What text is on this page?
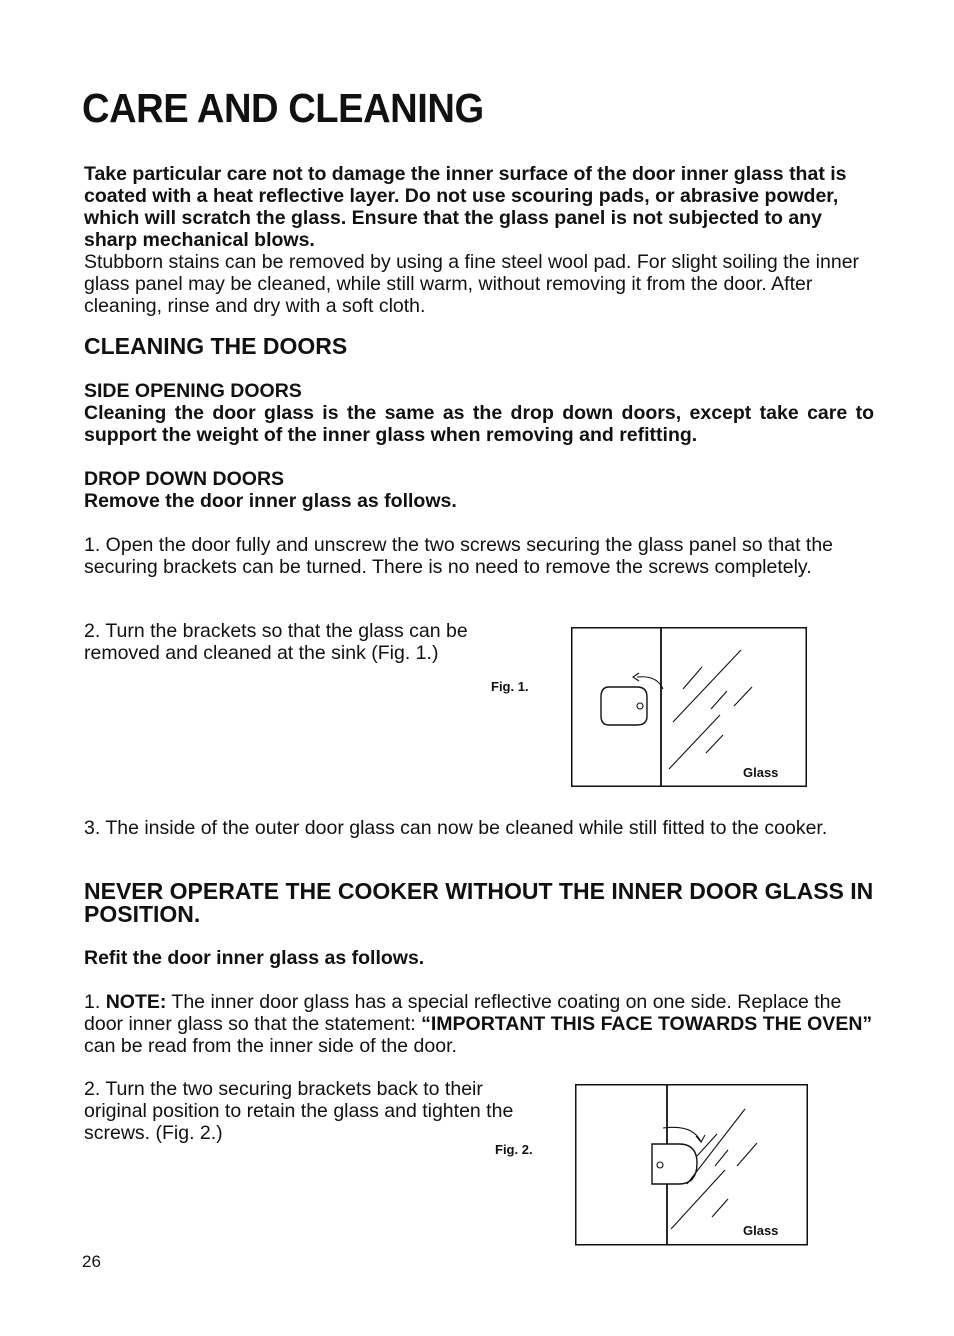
CARE AND CLEANING

Take particular care not to damage the inner surface of the door inner glass that is coated with a heat reflective layer. Do not use scouring pads, or abrasive powder, which will scratch the glass. Ensure that the glass panel is not subjected to any sharp mechanical blows.

Stubborn stains can be removed by using a fine steel wool pad. For slight soiling the inner glass panel may be cleaned, while still warm, without removing it from the door. After cleaning, rinse and dry with a soft cloth.

CLEANING THE DOORS

SIDE OPENING DOORS

Cleaning the door glass is the same as the drop down doors, except take care to support the weight of the inner glass when removing and refitting.

DROP DOWN DOORS

Remove the door inner glass as follows.

1. Open the door fully and unscrew the two screws securing the glass panel so that the securing brackets can be turned. There is no need to remove the screws completely.
2. Turn the brackets so that the glass can be removed and cleaned at the sink (Fig. 1.)
Fig. 1.
Glass
3. The inside of the outer door glass can now be cleaned while still fitted to the cooker.
NEVER OPERATE THE COOKER WITHOUT THE INNER DOOR GLASS IN POSITION.
Refit the door inner glass as follows.
1. NOTE: The inner door glass has a special reflective coating on one side. Replace the door inner glass so that the statement: “IMPORTANT THIS FACE TOWARDS THE OVEN” can be read from the inner side of the door.
2. Turn the two securing brackets back to their original position to retain the glass and tighten the screws. (Fig. 2.)
Fig. 2.
Glass
26
